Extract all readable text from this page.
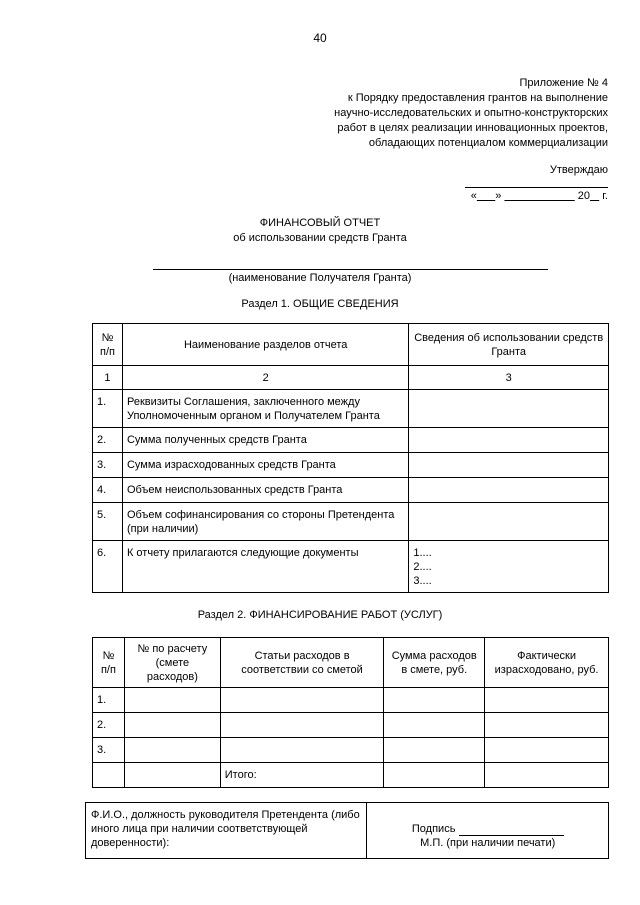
40
Приложение № 4
к Порядку предоставления грантов на выполнение
научно-исследовательских и опытно-конструкторских
работ в целях реализации инновационных проектов,
обладающих потенциалом коммерциализации
Утверждаю
« »	20 г.
ФИНАНСОВЫЙ ОТЧЕТ
об использовании средств Гранта
(наименование Получателя Гранта)
Раздел 1. ОБЩИЕ СВЕДЕНИЯ
№ п/п	Наименование разделов отчета	Сведения об использовании средств Гранта
1	2	3
1.	Реквизиты Соглашения, заключенного между Уполномоченным органом и Получателем Гранта	
2.	Сумма полученных средств Гранта	
3.	Сумма израсходованных средств Гранта	
4.	Объем неиспользованных средств Гранта	
5.	Объем софинансирования со стороны Претендента (при наличии)	
6.	К отчету прилагаются следующие документы	1....
2....
3....
Раздел 2. ФИНАНСИРОВАНИЕ РАБОТ (УСЛУГ)
№ п/п	№ по расчету (смете расходов)	Статьи расходов в соответствии со сметой	Сумма расходов в смете, руб.	Фактически израсходовано, руб.
1.				
2.				
3.				
		Итого:		
Ф.И.О., должность руководителя Претендента (либо иного лица при наличии соответствующей доверенности):	
Подпись
М.П. (при наличии печати)
